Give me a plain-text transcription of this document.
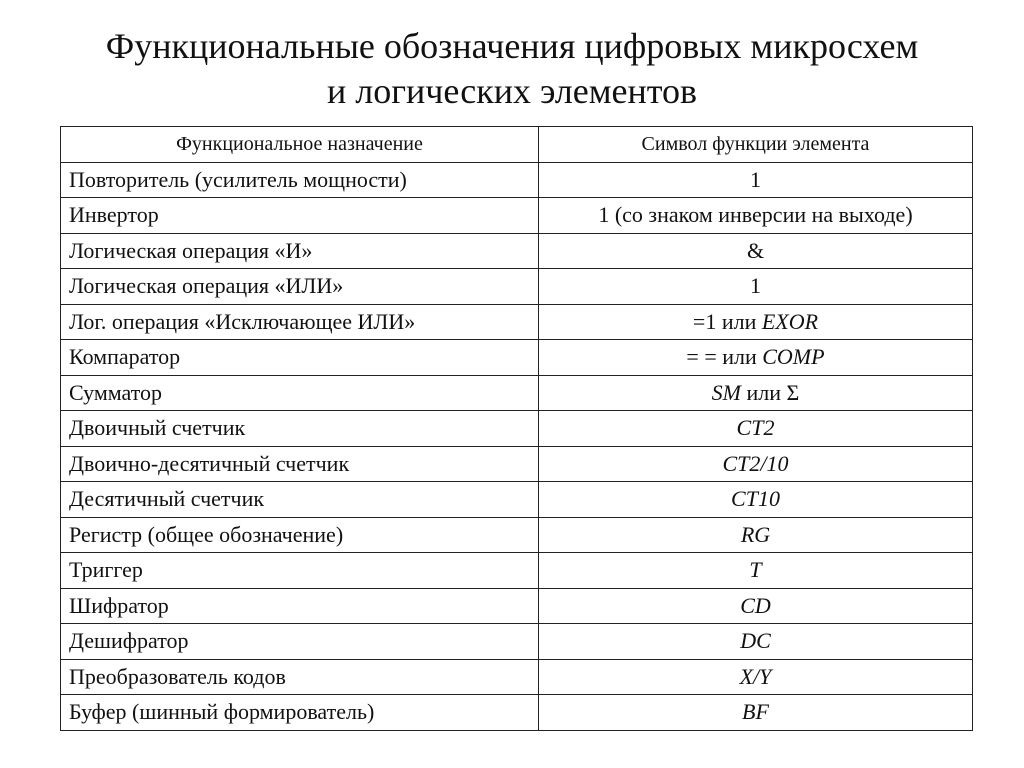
Функциональные обозначения цифровых микросхем
и логических элементов
Функциональное назначение	Символ функции элемента
Повторитель (усилитель мощности)	1
Инвертор	1 (со знаком инверсии на выходе)
Логическая операция «И»	&
Логическая операция «ИЛИ»	1
Лог. операция «Исключающее ИЛИ»	=1 или EXOR
Компаратор	= = или COMP
Сумматор	SM или Σ
Двоичный счетчик	CT2
Двоично-десятичный счетчик	CT2/10
Десятичный счетчик	CT10
Регистр (общее обозначение)	RG
Триггер	T
Шифратор	CD
Дешифратор	DC
Преобразователь кодов	X/Y
Буфер (шинный формирователь)	BF
